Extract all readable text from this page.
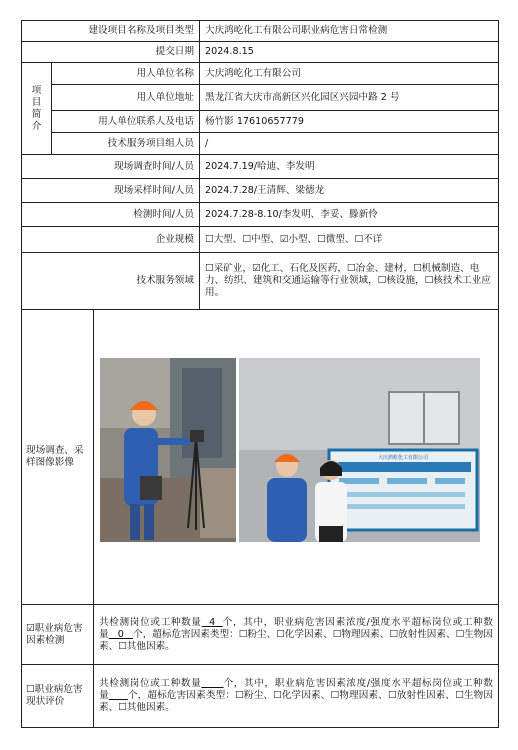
建设项目名称及项目类型			大庆鸿屹化工有限公司职业病危害日常检测
提交日期			2024.8.15

项
目
简
介	用人单位名称		大庆鸿屹化工有限公司
	用人单位地址		黑龙江省大庆市高新区兴化园区兴园中路 2 号
	用人单位联系人及电话		杨竹影 17610657779
	技术服务项目组人员		/
现场调查时间/人员			2024.7.19/哈迪、李发明
现场采样时间/人员			2024.7.28/王清辉、梁德龙
检测时间/人员			2024.7.28-8.10/李发明、李妥、滕新伶
企业规模			☐大型、☐中型、☑小型、☐微型、☐不详
技术服务领域			☐采矿业，☑化工、石化及医药，☐冶金、建材，☐机械制造、电力、纺织、建筑和交通运输等行业领域，☐核设施，☐核技术工业应用。
现场调查、采样图像影像		大庆鸿屹化工有限公司	

☑职业病危害因素检测		共检测岗位或工种数量 4 个，其中，职业病危害因素浓度/强度水平超标岗位或工种数量 0 个，超标危害因素类型：☐粉尘、☐化学因素、☐物理因素、☐放射性因素、☐生物因素、☐其他因素。	
☐职业病危害现状评价		共检测岗位或工种数量 个，其中，职业病危害因素浓度/强度水平超标岗位或工种数量 个，超标危害因素类型：☐粉尘、☐化学因素、☐物理因素、☐放射性因素、☐生物因素、☐其他因素。	
